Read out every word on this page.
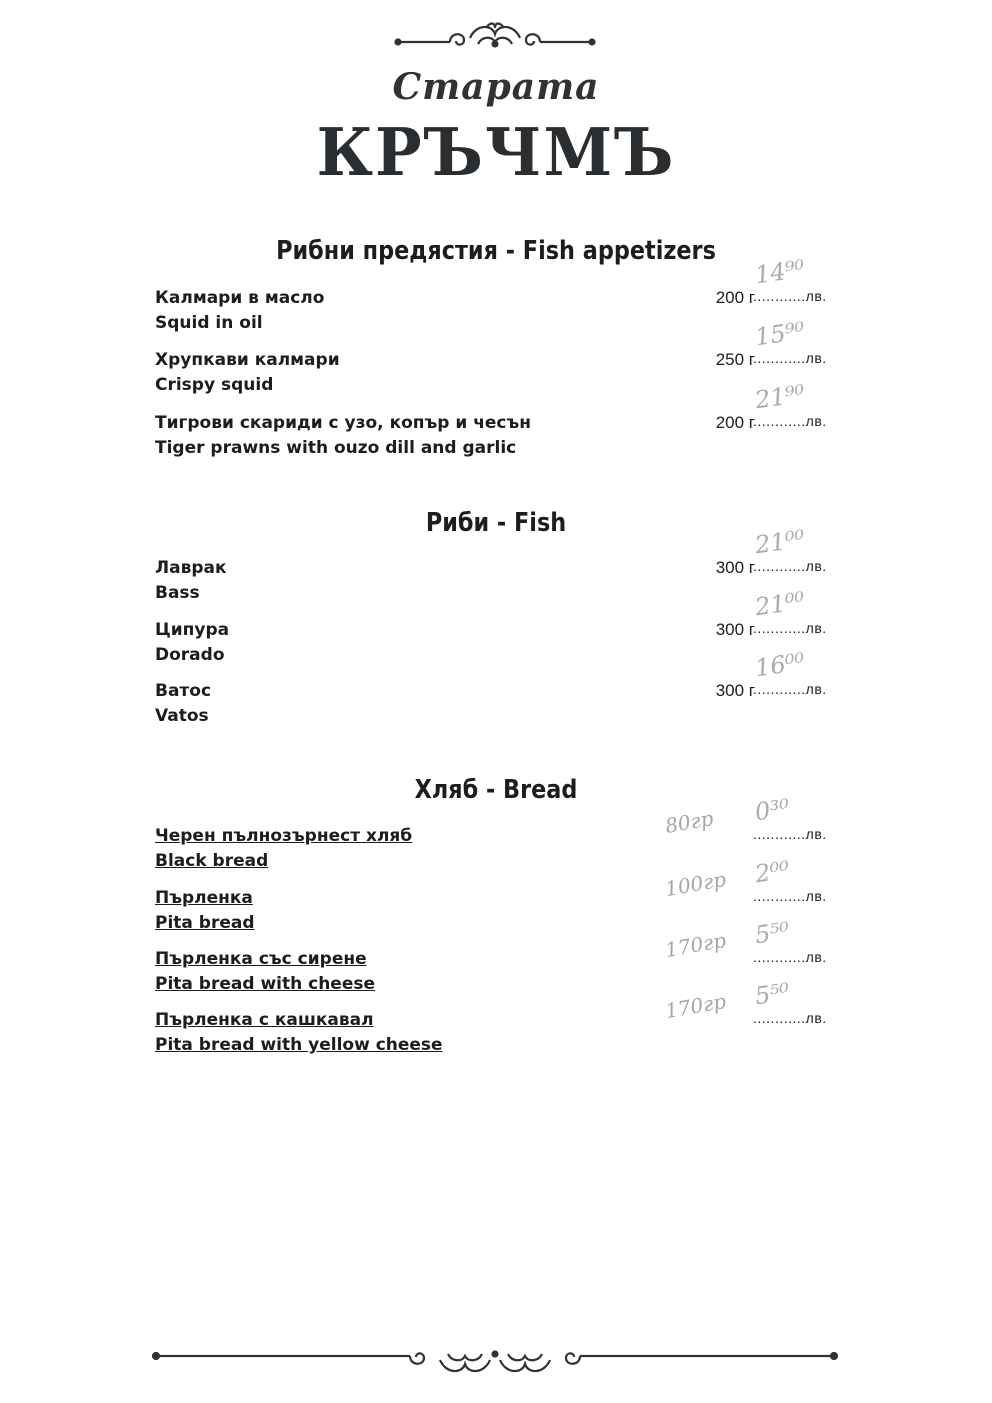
Старата
КРЪЧМЪ
Рибни предястия - Fish appetizers
Калмари в масло
Squid in oil
200 г
............лв.
14⁹⁰
Хрупкави калмари
Crispy squid
250 г
............лв.
15⁹⁰
Тигрови скариди с узо, копър и чесън
Tiger prawns with ouzo dill and garlic
200 г
............лв.
21⁹⁰
Риби - Fish
Лаврак
Bass
300 г
............лв.
21⁰⁰
Ципура
Dorado
300 г
............лв.
21⁰⁰
Ватос
Vatos
300 г
............лв.
16⁰⁰
Хляб - Bread
Черен пълнозърнест хляб
Black bread
80гр	............лв.
0³⁰
Пърленка
Pita bread
100гр ............лв.
2⁰⁰
Пърленка със сирене
Pita bread with cheese
170гр ............лв.
5⁵⁰
Пърленка с кашкавал
Pita bread with yellow cheese
170гр ............лв.
5⁵⁰
